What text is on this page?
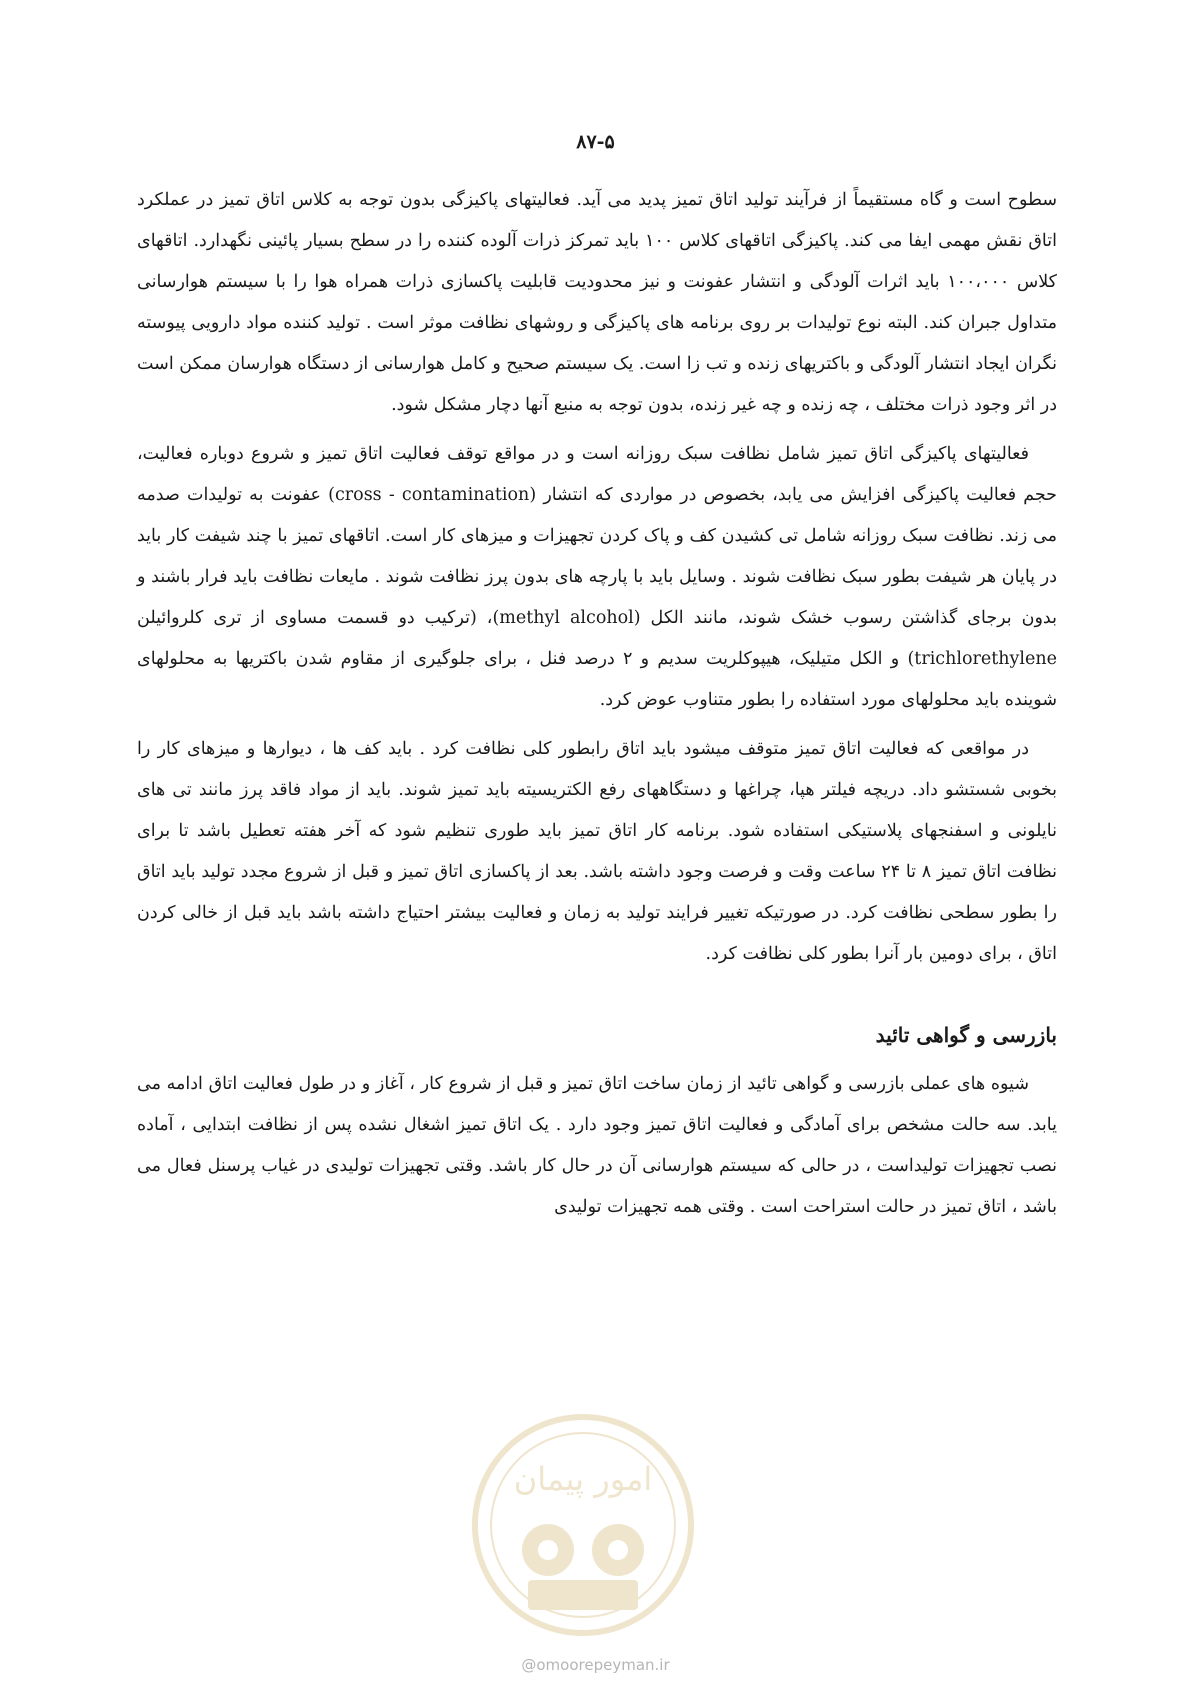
۸۷-۵

سطوح است و گاه مستقیماً از فرآیند تولید اتاق تمیز پدید می آید. فعالیتهای پاکیزگی بدون توجه به کلاس اتاق تمیز در عملکرد اتاق نقش مهمی ایفا می کند. پاکیزگی اتاقهای کلاس ۱۰۰ باید تمرکز ذرات آلوده کننده را در سطح بسیار پائینی نگهدارد. اتاقهای کلاس ۱۰۰،۰۰۰ باید اثرات آلودگی و انتشار عفونت و نیز محدودیت قابلیت پاکسازی ذرات همراه هوا را با سیستم هوارسانی متداول جبران کند. البته نوع تولیدات بر روی برنامه های پاکیزگی و روشهای نظافت موثر است . تولید کننده مواد دارویی پیوسته نگران ایجاد انتشار آلودگی و باکتریهای زنده و تب زا است. یک سیستم صحیح و کامل هوارسانی از دستگاه هوارسان ممکن است در اثر وجود ذرات مختلف ، چه زنده و چه غیر زنده، بدون توجه به منبع آنها دچار مشکل شود.

فعالیتهای پاکیزگی اتاق تمیز شامل نظافت سبک روزانه است و در مواقع توقف فعالیت اتاق تمیز و شروع دوباره فعالیت، حجم فعالیت پاکیزگی افزایش می یابد، بخصوص در مواردی که انتشار (cross - contamination) عفونت به تولیدات صدمه می زند. نظافت سبک روزانه شامل تی کشیدن کف و پاک کردن تجهیزات و میزهای کار است. اتاقهای تمیز با چند شیفت کار باید در پایان هر شیفت بطور سبک نظافت شوند . وسایل باید با پارچه های بدون پرز نظافت شوند . مایعات نظافت باید فرار باشند و بدون برجای گذاشتن رسوب خشک شوند، مانند الکل (methyl alcohol)، (ترکیب دو قسمت مساوی از تری کلروائیلن trichlorethylene) و الکل متیلیک، هیپوکلریت سدیم و ۲ درصد فنل ، برای جلوگیری از مقاوم شدن باکتریها به محلولهای شوینده باید محلولهای مورد استفاده را بطور متناوب عوض کرد.

در مواقعی که فعالیت اتاق تمیز متوقف میشود باید اتاق رابطور کلی نظافت کرد . باید کف ها ، دیوارها و میزهای کار را بخوبی شستشو داد. دریچه فیلتر هپا، چراغها و دستگاههای رفع الکتریسیته باید تمیز شوند. باید از مواد فاقد پرز مانند تی های نایلونی و اسفنجهای پلاستیکی استفاده شود. برنامه کار اتاق تمیز باید طوری تنظیم شود که آخر هفته تعطیل باشد تا برای نظافت اتاق تمیز ۸ تا ۲۴ ساعت وقت و فرصت وجود داشته باشد. بعد از پاکسازی اتاق تمیز و قبل از شروع مجدد تولید باید اتاق را بطور سطحی نظافت کرد. در صورتیکه تغییر فرایند تولید به زمان و فعالیت بیشتر احتیاج داشته باشد باید قبل از خالی کردن اتاق ، برای دومین بار آنرا بطور کلی نظافت کرد.

بازرسی و گواهی تائید

شیوه های عملی بازرسی و گواهی تائید از زمان ساخت اتاق تمیز و قبل از شروع کار ، آغاز و در طول فعالیت اتاق ادامه می یابد. سه حالت مشخص برای آمادگی و فعالیت اتاق تمیز وجود دارد . یک اتاق تمیز اشغال نشده پس از نظافت ابتدایی ، آماده نصب تجهیزات تولیداست ، در حالی که سیستم هوارسانی آن در حال کار باشد. وقتی تجهیزات تولیدی در غیاب پرسنل فعال می باشد ، اتاق تمیز در حالت استراحت است . وقتی همه تجهیزات تولیدی

امور پیمان
@omoorepeyman.ir
